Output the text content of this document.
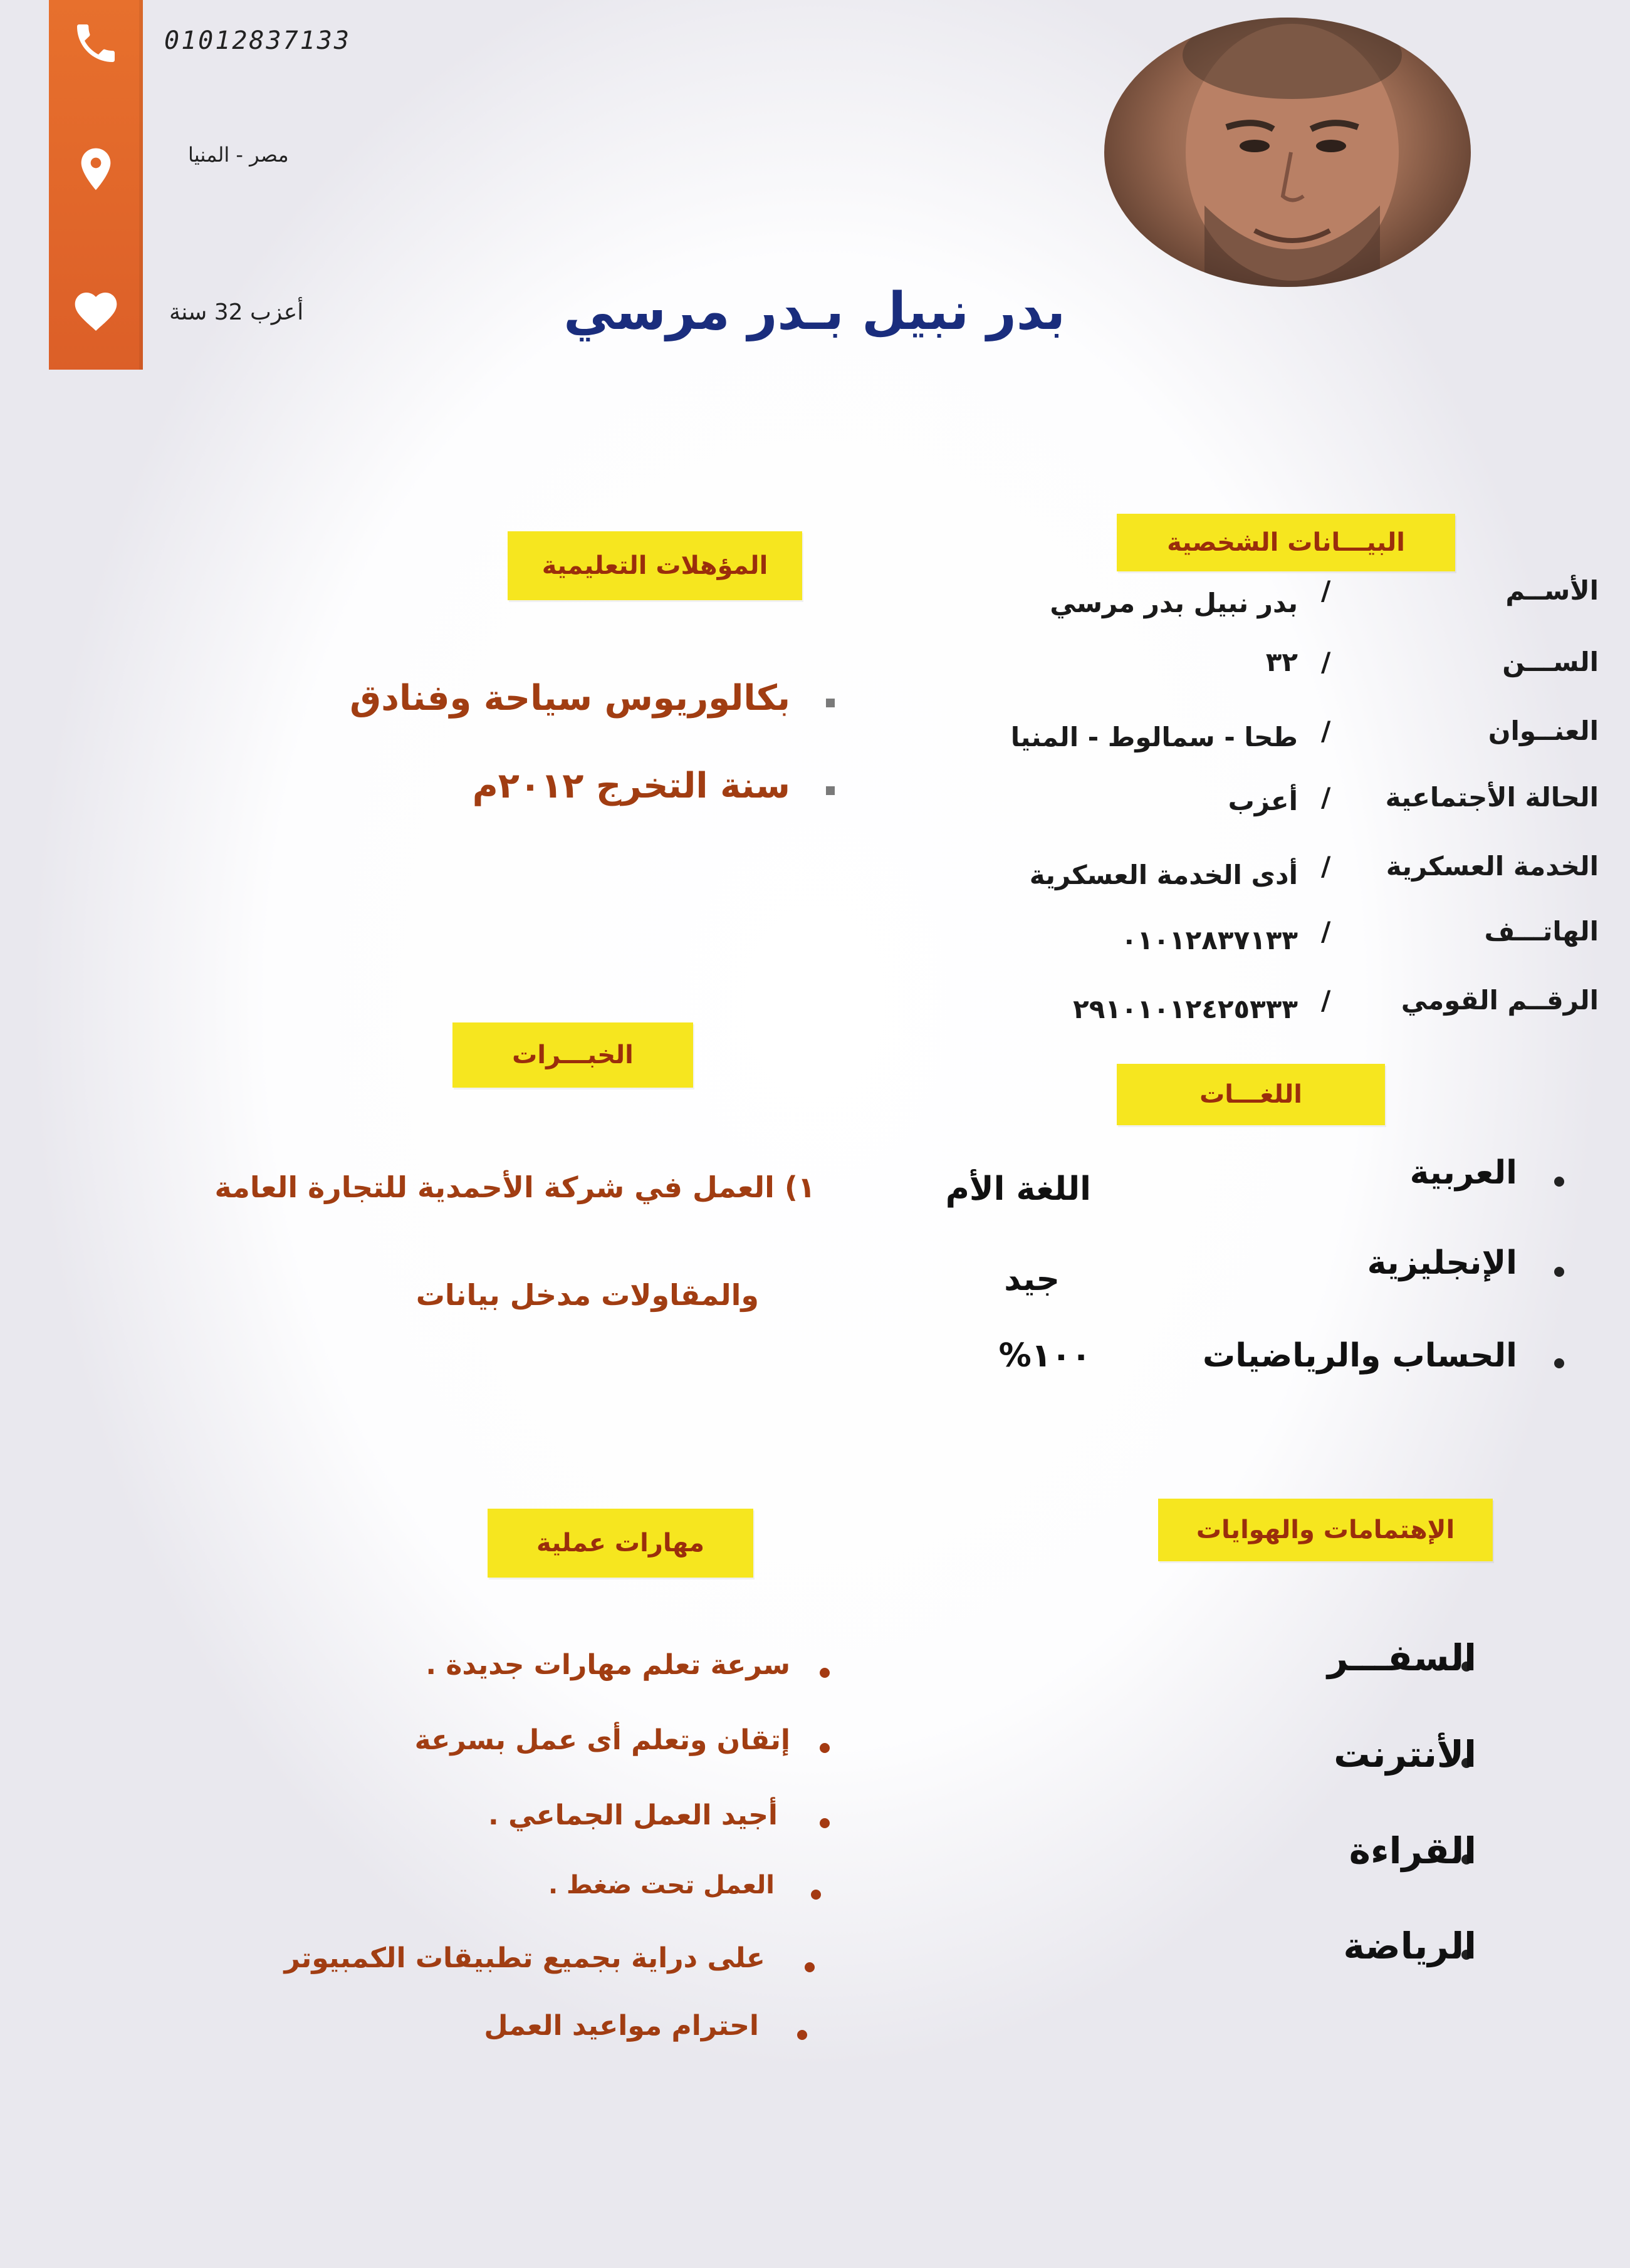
01012837133
مصر - المنيا
أعزب 32 سنة	بدر نبيل بـدر مرسي
البيـــانات الشخصية
المؤهلات التعليمية
الخبـــرات
اللغـــات
مهارات عملية	الإهتمامات والهوايات
الأســم
/
بدر نبيل بدر مرسي
الســـن
/
٣٢
العنــوان
/
طحا - سمالوط - المنيا
الحالة الأجتماعية
/
أعزب
الخدمة العسكرية
/
أدى الخدمة العسكرية
الهاتـــف
/
٠١٠١٢٨٣٧١٣٣
الرقــم القومي
/
٢٩١٠١٠١٢٤٢٥٣٣٣
بكالوريوس سياحة وفنادق
سنة التخرج ٢٠١٢م
١) العمل في شركة الأحمدية للتجارة العامة
والمقاولات مدخل بيانات
العربية
اللغة الأم
الإنجليزية
جيد
الحساب والرياضيات
١٠٠%
سرعة تعلم مهارات جديدة .
إتقان وتعلم أى عمل بسرعة
أجيد العمل الجماعي .
العمل تحت ضغط .
على دراية بجميع تطبيقات الكمبيوتر
احترام مواعيد العمل
السفـــر
الأنترنت
القراءة
الرياضة
